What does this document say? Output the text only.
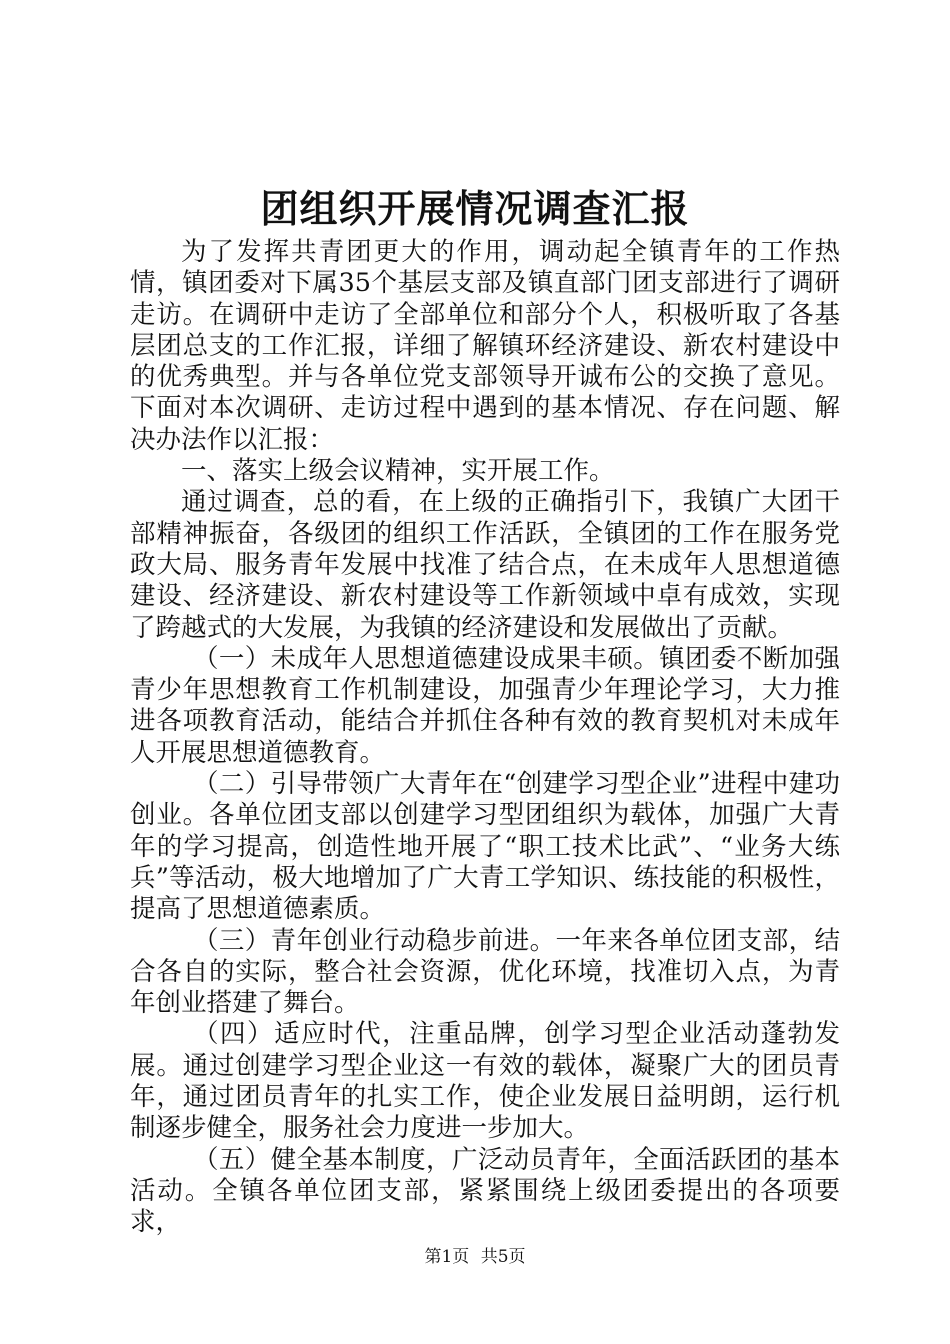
团组织开展情况调查汇报

为了发挥共青团更大的作用，调动起全镇青年的工作热情，镇团委对下属35个基层支部及镇直部门团支部进行了调研走访。在调研中走访了全部单位和部分个人，积极听取了各基层团总支的工作汇报，详细了解镇环经济建设、新农村建设中的优秀典型。并与各单位党支部领导开诚布公的交换了意见。下面对本次调研、走访过程中遇到的基本情况、存在问题、解决办法作以汇报：

一、落实上级会议精神，实开展工作。

通过调查，总的看，在上级的正确指引下，我镇广大团干部精神振奋，各级团的组织工作活跃，全镇团的工作在服务党政大局、服务青年发展中找准了结合点，在未成年人思想道德建设、经济建设、新农村建设等工作新领域中卓有成效，实现了跨越式的大发展，为我镇的经济建设和发展做出了贡献。

（一）未成年人思想道德建设成果丰硕。镇团委不断加强青少年思想教育工作机制建设，加强青少年理论学习，大力推进各项教育活动，能结合并抓住各种有效的教育契机对未成年人开展思想道德教育。

（二）引导带领广大青年在“创建学习型企业”进程中建功创业。各单位团支部以创建学习型团组织为载体，加强广大青年的学习提高，创造性地开展了“职工技术比武”、“业务大练兵”等活动，极大地增加了广大青工学知识、练技能的积极性，提高了思想道德素质。

（三）青年创业行动稳步前进。一年来各单位团支部，结合各自的实际，整合社会资源，优化环境，找准切入点，为青年创业搭建了舞台。

（四）适应时代，注重品牌，创学习型企业活动蓬勃发展。通过创建学习型企业这一有效的载体，凝聚广大的团员青年，通过团员青年的扎实工作，使企业发展日益明朗，运行机制逐步健全，服务社会力度进一步加大。

（五）健全基本制度，广泛动员青年，全面活跃团的基本活动。全镇各单位团支部，紧紧围绕上级团委提出的各项要求，

第1页 共5页
